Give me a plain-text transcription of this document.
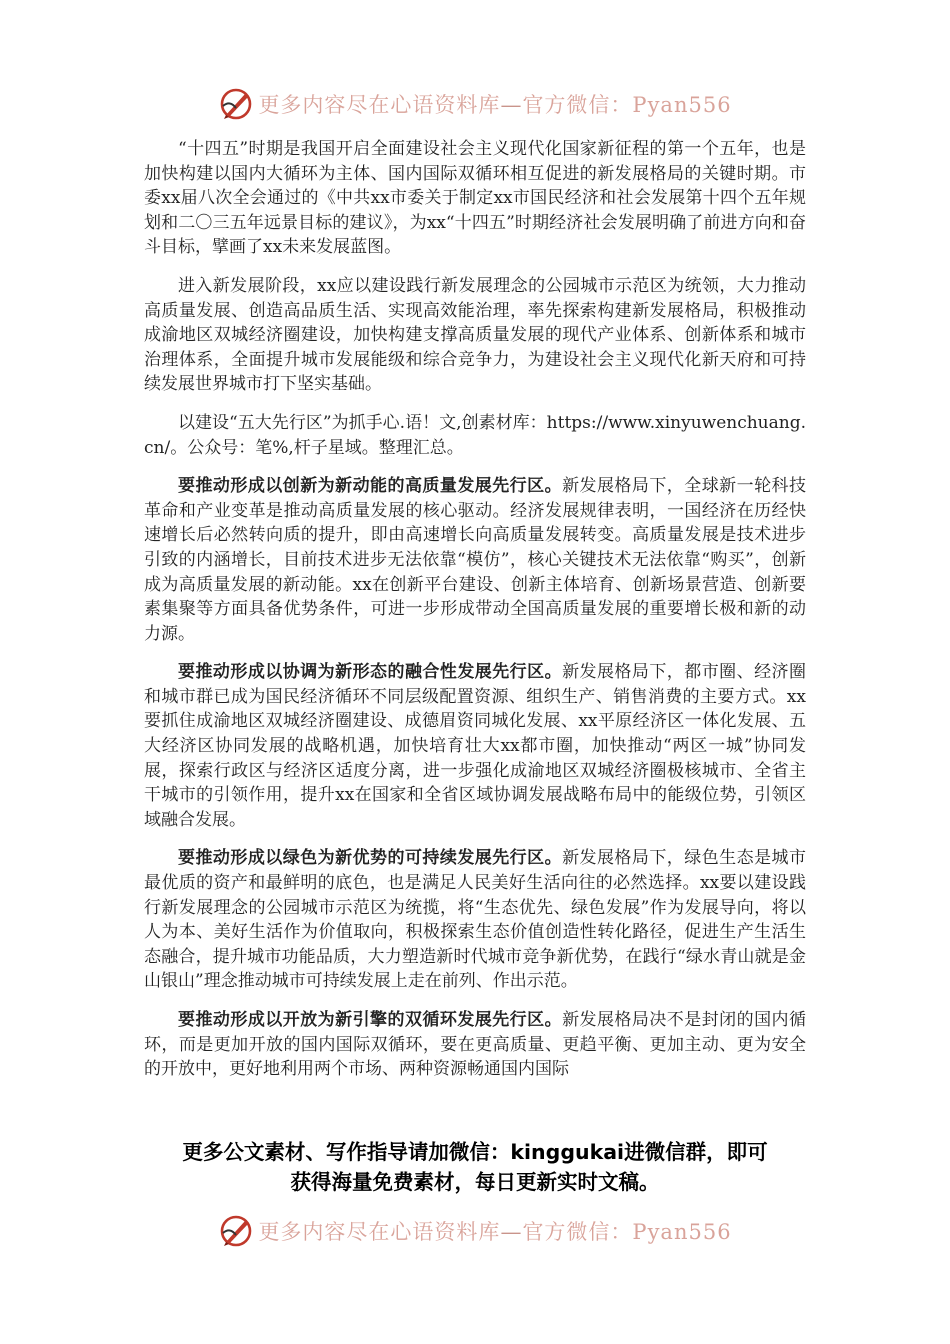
更多内容尽在心语资料库—官方微信：Pyan556

“十四五”时期是我国开启全面建设社会主义现代化国家新征程的第一个五年，也是加快构建以国内大循环为主体、国内国际双循环相互促进的新发展格局的关键时期。市委xx届八次全会通过的《中共xx市委关于制定xx市国民经济和社会发展第十四个五年规划和二〇三五年远景目标的建议》，为xx“十四五”时期经济社会发展明确了前进方向和奋斗目标，擘画了xx未来发展蓝图。

进入新发展阶段，xx应以建设践行新发展理念的公园城市示范区为统领，大力推动高质量发展、创造高品质生活、实现高效能治理，率先探索构建新发展格局，积极推动成渝地区双城经济圈建设，加快构建支撑高质量发展的现代产业体系、创新体系和城市治理体系，全面提升城市发展能级和综合竞争力，为建设社会主义现代化新天府和可持续发展世界城市打下坚实基础。

以建设“五大先行区”为抓手心.语！文,创素材库：https://www.xinyuwenchuang.cn/。公众号：笔%,杆子星域。整理汇总。

要推动形成以创新为新动能的高质量发展先行区。新发展格局下，全球新一轮科技革命和产业变革是推动高质量发展的核心驱动。经济发展规律表明，一国经济在历经快速增长后必然转向质的提升，即由高速增长向高质量发展转变。高质量发展是技术进步引致的内涵增长，目前技术进步无法依靠“模仿”，核心关键技术无法依靠“购买”，创新成为高质量发展的新动能。xx在创新平台建设、创新主体培育、创新场景营造、创新要素集聚等方面具备优势条件，可进一步形成带动全国高质量发展的重要增长极和新的动力源。

要推动形成以协调为新形态的融合性发展先行区。新发展格局下，都市圈、经济圈和城市群已成为国民经济循环不同层级配置资源、组织生产、销售消费的主要方式。xx要抓住成渝地区双城经济圈建设、成德眉资同城化发展、xx平原经济区一体化发展、五大经济区协同发展的战略机遇，加快培育壮大xx都市圈，加快推动“两区一城”协同发展，探索行政区与经济区适度分离，进一步强化成渝地区双城经济圈极核城市、全省主干城市的引领作用，提升xx在国家和全省区域协调发展战略布局中的能级位势，引领区域融合发展。

要推动形成以绿色为新优势的可持续发展先行区。新发展格局下，绿色生态是城市最优质的资产和最鲜明的底色，也是满足人民美好生活向往的必然选择。xx要以建设践行新发展理念的公园城市示范区为统揽，将“生态优先、绿色发展”作为发展导向，将以人为本、美好生活作为价值取向，积极探索生态价值创造性转化路径，促进生产生活生态融合，提升城市功能品质，大力塑造新时代城市竞争新优势，在践行“绿水青山就是金山银山”理念推动城市可持续发展上走在前列、作出示范。

要推动形成以开放为新引擎的双循环发展先行区。新发展格局决不是封闭的国内循环，而是更加开放的国内国际双循环，要在更高质量、更趋平衡、更加主动、更为安全的开放中，更好地利用两个市场、两种资源畅通国内国际

更多公文素材、写作指导请加微信：kinggukai进微信群，即可
获得海量免费素材，每日更新实时文稿。
更多内容尽在心语资料库—官方微信：Pyan556
